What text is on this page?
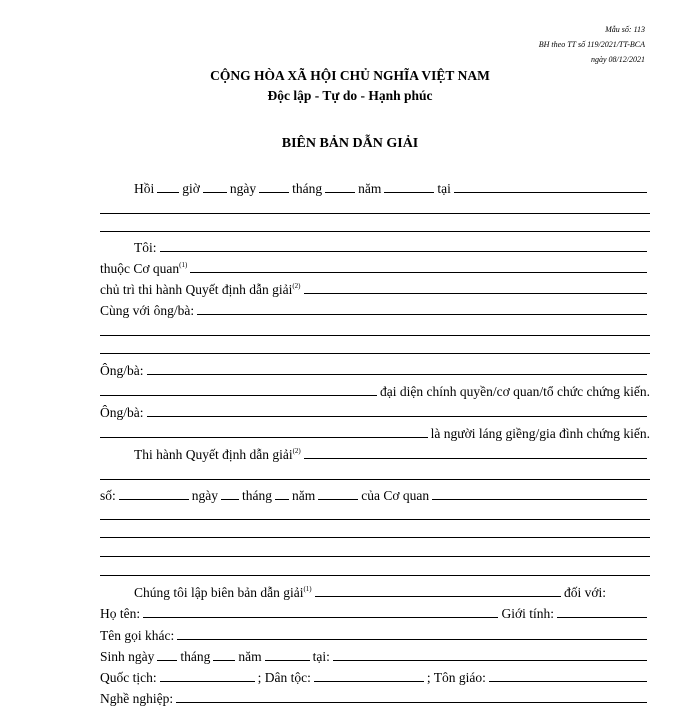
Mẫu số: 113
BH theo TT số 119/2021/TT-BCA
ngày 08/12/2021
CỘNG HÒA XÃ HỘI CHỦ NGHĨA VIỆT NAM
Độc lập - Tự do - Hạnh phúc
BIÊN BẢN DẪN GIẢI
Hồi giờ ngày	tháng	năm	tại
Tôi:
thuộc Cơ quan$^{(1)}$
chủ trì thi hành Quyết định dẫn giải$^{(2)}$
Cùng với ông/bà:
Ông/bà:
đại diện chính quyền/cơ quan/tổ chức chứng kiến.
Ông/bà:
là người láng giềng/gia đình chứng kiến.
Thi hành Quyết định dẫn giải$^{(2)}$
số:	ngày tháng năm	của Cơ quan
Chúng tôi lập biên bản dẫn giải$^{(1)}$	đối với:
Họ tên:	Giới tính:
Tên gọi khác:
Sinh ngày tháng năm	tại:
Quốc tịch:	; Dân tộc:	; Tôn giáo:
Nghề nghiệp:
